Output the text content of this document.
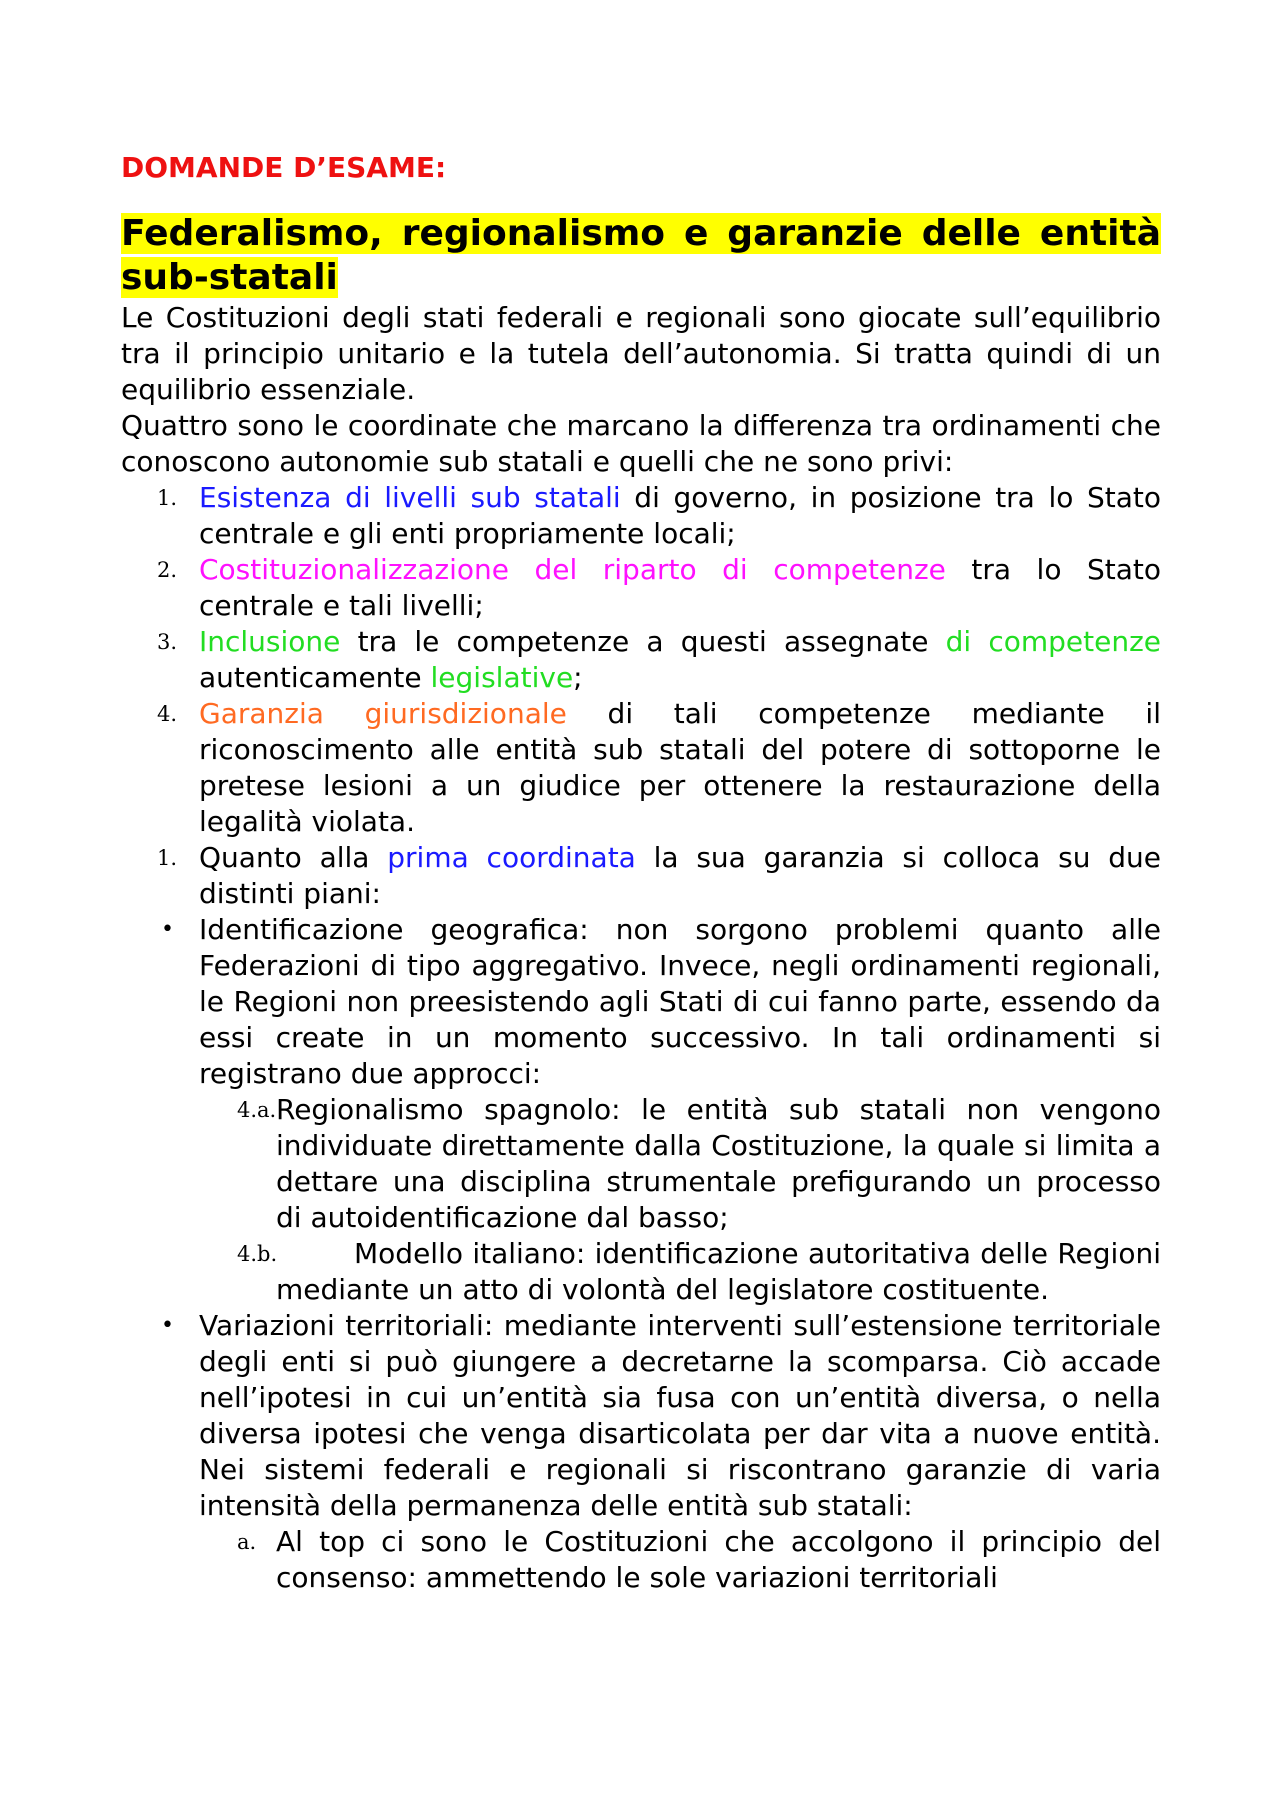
DOMANDE D’ESAME:
Federalismo, regionalismo e garanzie delle entità sub-statali

Le Costituzioni degli stati federali e regionali sono giocate sull’equilibrio tra il principio unitario e la tutela dell’autonomia. Si tratta quindi di un equilibrio essenziale.

Quattro sono le coordinate che marcano la differenza tra ordinamenti che conoscono autonomie sub statali e quelli che ne sono privi:

1. Esistenza di livelli sub statali di governo, in posizione tra lo Stato centrale e gli enti propriamente locali;
2. Costituzionalizzazione del riparto di competenze tra lo Stato centrale e tali livelli;
3. Inclusione tra le competenze a questi assegnate di competenze autenticamente legislative;
4. Garanzia giurisdizionale di tali competenze mediante il riconoscimento alle entità sub statali del potere di sottoporne le pretese lesioni a un giudice per ottenere la restaurazione della legalità violata.
1. Quanto alla prima coordinata la sua garanzia si colloca su due distinti piani:
• Identificazione geografica: non sorgono problemi quanto alle Federazioni di tipo aggregativo. Invece, negli ordinamenti regionali, le Regioni non preesistendo agli Stati di cui fanno parte, essendo da essi create in un momento successivo. In tali ordinamenti si registrano due approcci:
4.a. Regionalismo spagnolo: le entità sub statali non vengono individuate direttamente dalla Costituzione, la quale si limita a dettare una disciplina strumentale prefigurando un processo di autoidentificazione dal basso;
4.b.	Modello italiano: identificazione autoritativa delle Regioni mediante un atto di volontà del legislatore costituente.
• Variazioni territoriali: mediante interventi sull’estensione territoriale degli enti si può giungere a decretarne la scomparsa. Ciò accade nell’ipotesi in cui un’entità sia fusa con un’entità diversa, o nella diversa ipotesi che venga disarticolata per dar vita a nuove entità. Nei sistemi federali e regionali si riscontrano garanzie di varia intensità della permanenza delle entità sub statali:
a. Al top ci sono le Costituzioni che accolgono il principio del consenso: ammettendo le sole variazioni territoriali
